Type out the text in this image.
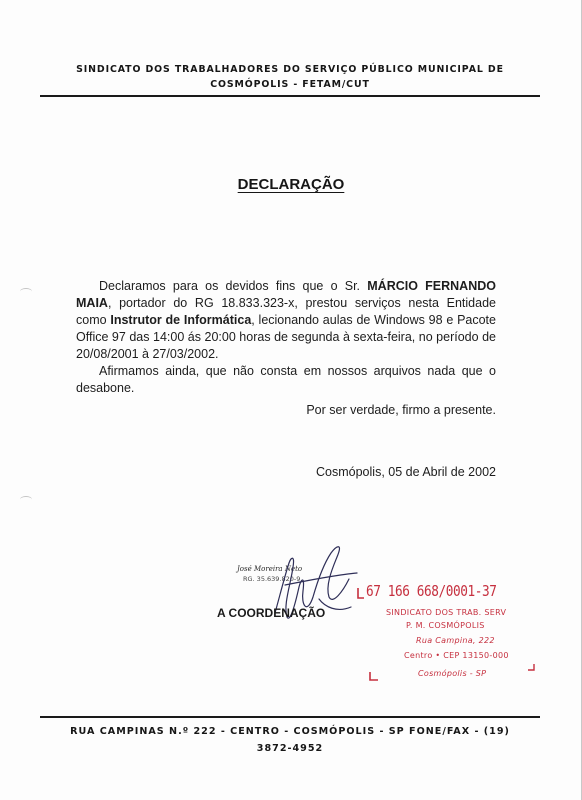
SINDICATO DOS TRABALHADORES DO SERVIÇO PÚBLICO MUNICIPAL DE
COSMÓPOLIS - FETAM/CUT
DECLARAÇÃO

Declaramos para os devidos fins que o Sr. MÁRCIO FERNANDO MAIA, portador do RG 18.833.323-x, prestou serviços nesta Entidade como Instrutor de Informática, lecionando aulas de Windows 98 e Pacote Office 97 das 14:00 ás 20:00 horas de segunda à sexta-feira, no período de 20/08/2001 à 27/03/2002.

Afirmamos ainda, que não consta em nossos arquivos nada que o desabone.

Por ser verdade, firmo a presente.
Cosmópolis, 05 de Abril de 2002
José Moreira Neto
RG. 35.639.820-9
A COORDENAÇÃO
67 166 668/0001-37
SINDICATO DOS TRAB. SERV
P. M. COSMÓPOLIS
Rua Campina, 222
Centro • CEP 13150-000
Cosmópolis - SP
RUA CAMPINAS N.º 222 - CENTRO - COSMÓPOLIS - SP FONE/FAX - (19)
3872-4952
